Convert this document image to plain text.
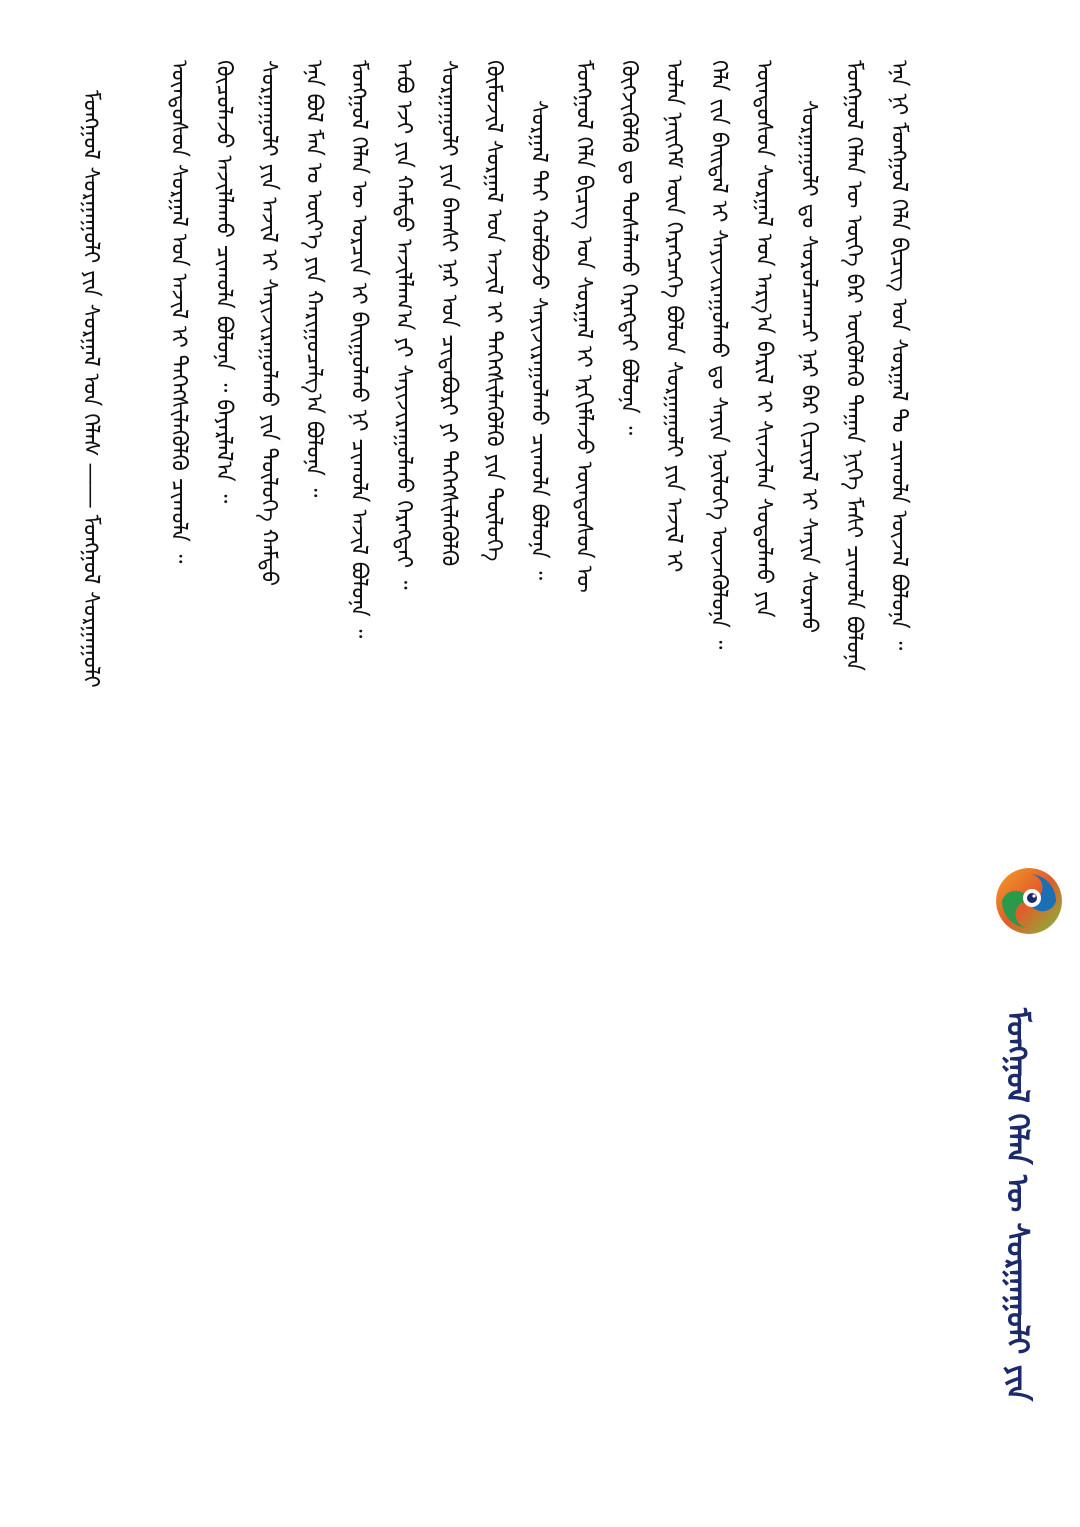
ᠮᠣᠩᠭᠣᠯ ᠬᠡᠯᠡᠨ ᠦ ᠰᠤᠷᠭᠠᠭᠤᠯᠢ ᠶᠢᠨ
ᠡᠨᠡ ᠨᠢ ᠮᠣᠩᠭᠣᠯ ᠬᠡᠯᠡ ᠪᠢᠴᠢᠭ ᠤᠨ ᠰᠤᠷᠭᠠᠯ ᠲᠤ ᠴᠢᠬᠤᠯᠠ ᠦᠵᠡᠯ ᠪᠣᠯᠤᠨᠠ ᠃
ᠮᠣᠩᠭᠣᠯ ᠬᠡᠯᠡᠨ ᠦ ᠦᠭᠡ ᠪᠡᠷ ᠦᠭᠦᠯᠡᠬᠦ ᠳᠠᠭᠠᠨ ᠨᠢᠭᠡ ᠮᠠᠰᠢ ᠴᠢᠬᠤᠯᠠ ᠪᠣᠯᠤᠨᠠ
ᠰᠤᠷᠭᠠᠭᠤᠯᠢ ᠳᠤ ᠰᠤᠷᠤᠯᠴᠠᠭᠴᠢ ᠨᠠᠷ ᠪᠡᠷ ᠬᠢᠴᠢᠶᠡᠯ ᠢ ᠰᠠᠶᠢᠨ ᠰᠤᠷᠬᠤ
ᠦᠨᠳᠦᠰᠦᠨ ᠰᠤᠷᠭᠠᠯ ᠤᠨ ᠠᠷᠭ᠎ᠠ ᠪᠠᠷᠢᠯ ᠢ ᠰᠢᠨᠵᠢᠯᠡᠨ ᠰᠤᠳᠤᠯᠬᠤ ᠶᠢᠨ
ᠬᠡᠯᠡ ᠵᠢᠨ ᠪᠠᠢᠳᠠᠯ ᠢ ᠰᠠᠶᠢᠵᠢᠷᠠᠭᠤᠯᠬᠤ ᠳᠤ ᠰᠠᠶᠢᠨ ᠨᠥᠯᠦᠭᠡ ᠦᠵᠡᠭᠦᠯᠦᠨᠡ ᠃
ᠣᠯᠠᠨ ᠨᠡᠢᠭᠡᠮ ᠦᠨ ᠬᠡᠷᠡᠭᠴᠡᠭᠡ ᠪᠣᠯᠤᠨ ᠰᠤᠷᠭᠠᠭᠤᠯᠢ ᠶᠢᠨ ᠠᠵᠢᠯ ᠢ
ᠬᠥᠭᠵᠢᠭᠦᠯᠬᠦ ᠳᠤ ᠲᠤᠰᠠᠯᠠᠬᠤ ᠬᠡᠷᠡᠭᠲᠡᠢ ᠪᠣᠯᠤᠨᠠ ᠃
ᠮᠣᠩᠭᠣᠯ ᠬᠡᠯᠡ ᠪᠢᠴᠢᠭ ᠤᠨ ᠰᠤᠷᠭᠠᠯ ᠢ ᠡᠷᠬᠢᠮᠯᠡᠵᠦ ᠦᠨᠳᠦᠰᠦᠨ ᠦ
ᠰᠤᠷᠭᠠᠯ ᠲᠠᠢ ᠬᠣᠯᠪᠣᠵᠤ ᠰᠠᠶᠢᠵᠢᠷᠠᠭᠤᠯᠬᠤ ᠴᠢᠬᠤᠯᠠ ᠪᠣᠯᠤᠨᠠ ᠃
ᠬᠦᠮᠦᠵᠢᠯ ᠰᠤᠷᠭᠠᠯ ᠤᠨ ᠠᠵᠢᠯ ᠢ ᠳᠡᠭᠡᠭᠰᠢᠯᠡᠭᠦᠯᠬᠦ ᠶᠢᠨ ᠲᠥᠯᠦᠭᠡ
ᠰᠤᠷᠭᠠᠭᠤᠯᠢ ᠶᠢᠨ ᠪᠠᠭᠰᠢ ᠨᠠᠷ ᠤᠨ ᠴᠢᠳᠠᠪᠤᠷᠢ ᠶᠢ ᠳᠡᠭᠡᠭᠰᠢᠯᠡᠭᠦᠯᠬᠦ
ᠠᠪᠤ ᠡᠵᠢ ᠶᠢᠨ ᠬᠠᠮᠲᠤ ᠠᠵᠢᠯᠯᠠᠭ᠎ᠠ ᠶᠢ ᠰᠠᠶᠢᠵᠢᠷᠠᠭᠤᠯᠬᠤ ᠬᠡᠷᠡᠭᠲᠡᠢ ᠃
ᠮᠣᠩᠭᠣᠯ ᠬᠡᠯᠡᠨ ᠦ ᠣᠷᠴᠢᠨ ᠢ ᠪᠠᠢᠭᠤᠯᠬᠤ ᠨᠢ ᠴᠢᠬᠤᠯᠠ ᠠᠵᠢᠯ ᠪᠣᠯᠤᠨᠠ ᠃
ᠡᠨᠡ ᠪᠣᠯ ᠮᠠᠨ ᠤ ᠦᠶ᠎ᠡ ᠶᠢᠨ ᠬᠠᠷᠢᠭᠤᠴᠠᠯᠭ᠎ᠠ ᠪᠣᠯᠤᠨᠠ ᠃
ᠰᠤᠷᠭᠠᠭᠤᠯᠢ ᠶᠢᠨ ᠠᠵᠢᠯ ᠢ ᠰᠠᠶᠢᠵᠢᠷᠠᠭᠤᠯᠬᠤ ᠶᠢᠨ ᠲᠥᠯᠦᠭᠡ ᠬᠠᠮᠲᠤ
ᠬᠦᠴᠦᠯᠡᠵᠦ ᠠᠵᠢᠯᠯᠠᠬᠤ ᠴᠢᠬᠤᠯᠠ ᠪᠣᠯᠤᠨᠠ ᠃ ᠪᠠᠶᠠᠷᠯᠠᠯ᠎ᠠ ᠃
ᠦᠨᠳᠦᠰᠦᠨ ᠰᠤᠷᠭᠠᠯ ᠤᠨ ᠠᠵᠢᠯ ᠢ ᠳᠡᠭᠡᠭᠰᠢᠯᠡᠭᠦᠯᠬᠦ ᠴᠢᠬᠤᠯᠠ ᠃
ᠮᠣᠩᠭᠣᠯ ᠰᠤᠷᠭᠠᠭᠤᠯᠢ ᠶᠢᠨ ᠰᠤᠷᠭᠠᠯ ᠤᠨ ᠬᠡᠯᠡᠰ ―― ᠮᠣᠩᠭᠣᠯ ᠰᠤᠷᠭᠠᠭᠤᠯᠢ
